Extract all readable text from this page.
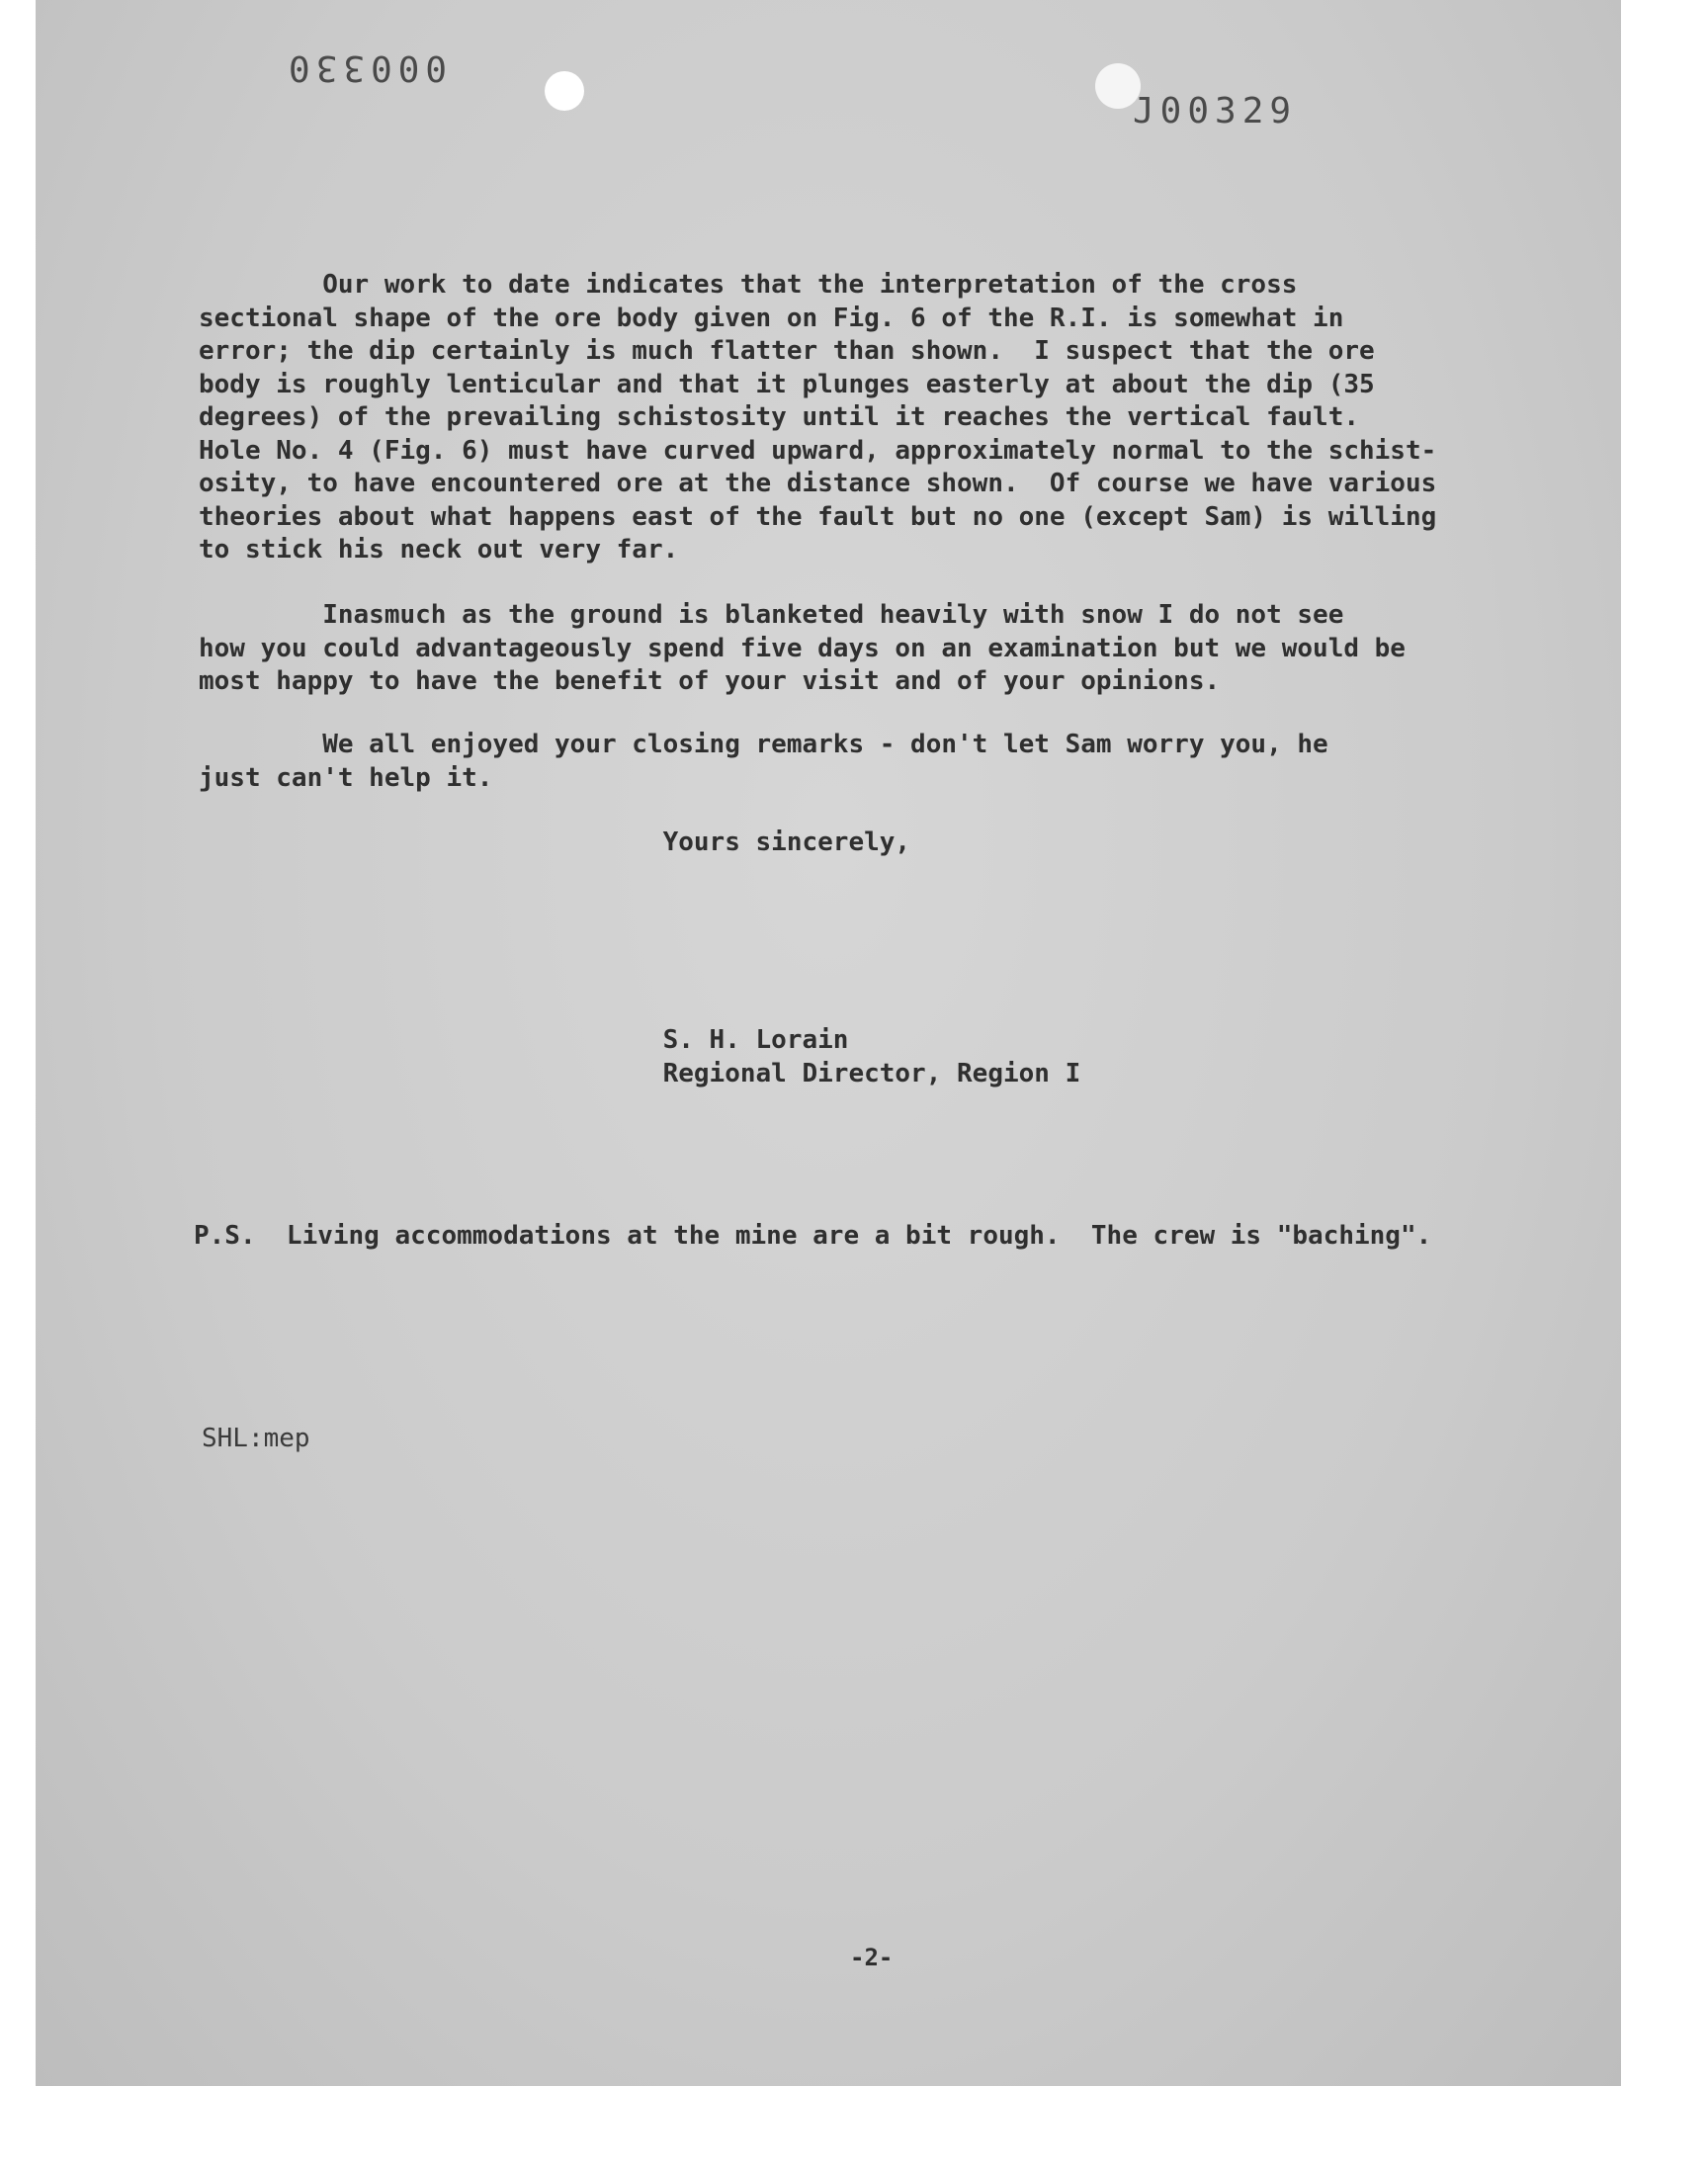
000330
J00329
Our work to date indicates that the interpretation of the cross
sectional shape of the ore body given on Fig. 6 of the R.I. is somewhat in
error; the dip certainly is much flatter than shown.  I suspect that the ore
body is roughly lenticular and that it plunges easterly at about the dip (35
degrees) of the prevailing schistosity until it reaches the vertical fault.
Hole No. 4 (Fig. 6) must have curved upward, approximately normal to the schist-
osity, to have encountered ore at the distance shown.  Of course we have various
theories about what happens east of the fault but no one (except Sam) is willing
to stick his neck out very far.
Inasmuch as the ground is blanketed heavily with snow I do not see
how you could advantageously spend five days on an examination but we would be
most happy to have the benefit of your visit and of your opinions.
We all enjoyed your closing remarks - don't let Sam worry you, he
just can't help it.
Yours sincerely,
S. H. Lorain
Regional Director, Region I
P.S.  Living accommodations at the mine are a bit rough.  The crew is "baching".
SHL:mep
-2-
